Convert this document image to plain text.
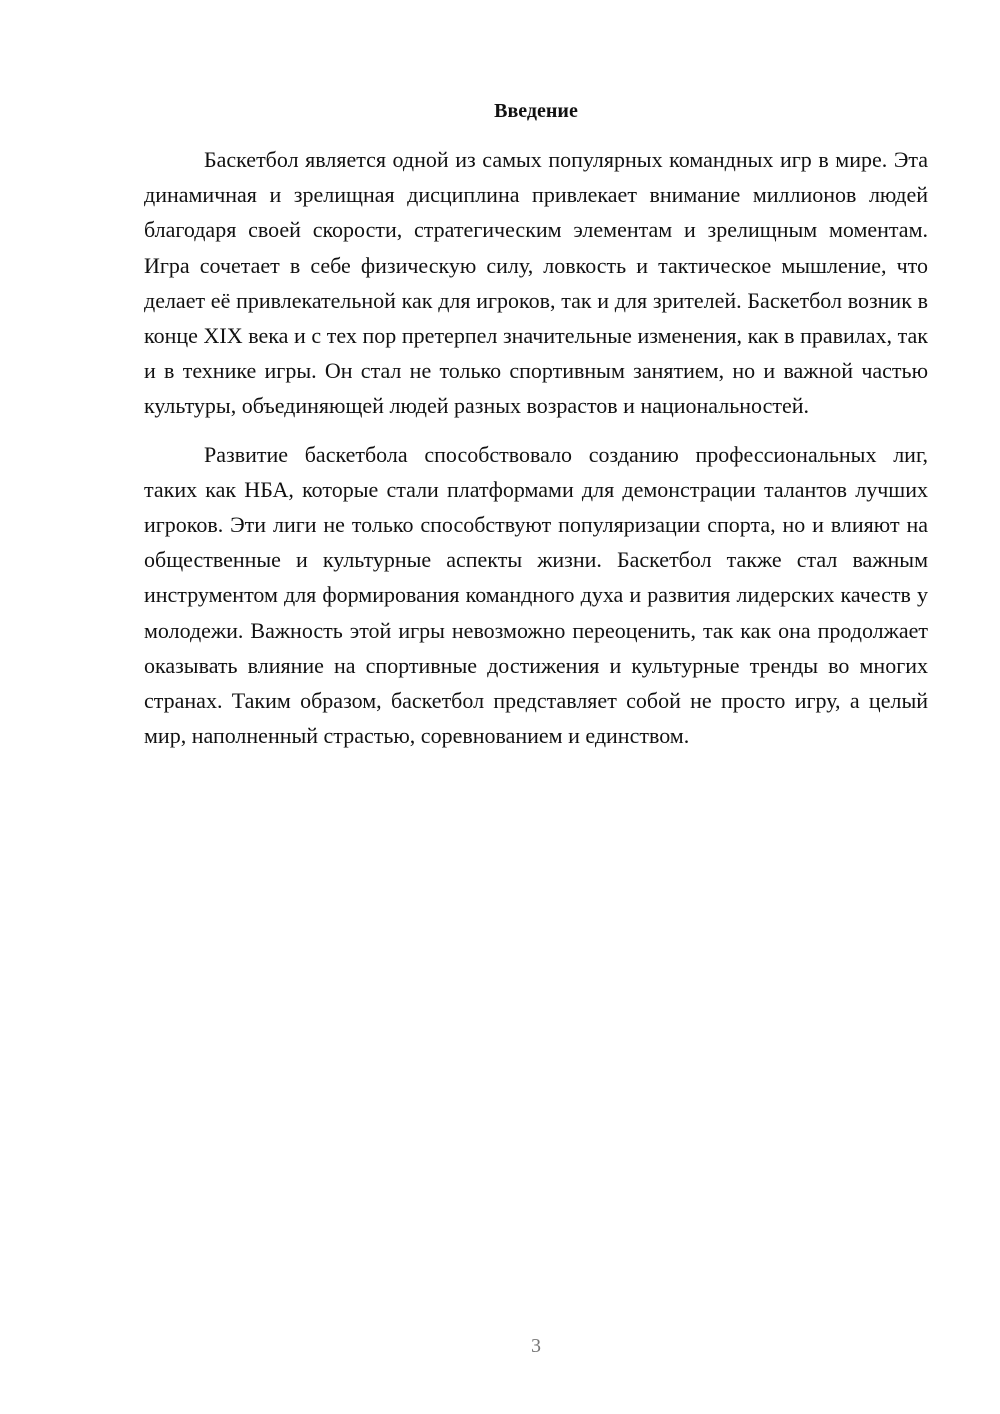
Введение

Баскетбол является одной из самых популярных командных игр в мире. Эта динамичная и зрелищная дисциплина привлекает внимание миллионов людей благодаря своей скорости, стратегическим элементам и зрелищным моментам. Игра сочетает в себе физическую силу, ловкость и тактическое мышление, что делает её привлекательной как для игроков, так и для зрителей. Баскетбол возник в конце XIX века и с тех пор претерпел значительные изменения, как в правилах, так и в технике игры. Он стал не только спортивным занятием, но и важной частью культуры, объединяющей людей разных возрастов и национальностей.

Развитие баскетбола способствовало созданию профессиональных лиг, таких как НБА, которые стали платформами для демонстрации талантов лучших игроков. Эти лиги не только способствуют популяризации спорта, но и влияют на общественные и культурные аспекты жизни. Баскетбол также стал важным инструментом для формирования командного духа и развития лидерских качеств у молодежи. Важность этой игры невозможно переоценить, так как она продолжает оказывать влияние на спортивные достижения и культурные тренды во многих странах. Таким образом, баскетбол представляет собой не просто игру, а целый мир, наполненный страстью, соревнованием и единством.

3
